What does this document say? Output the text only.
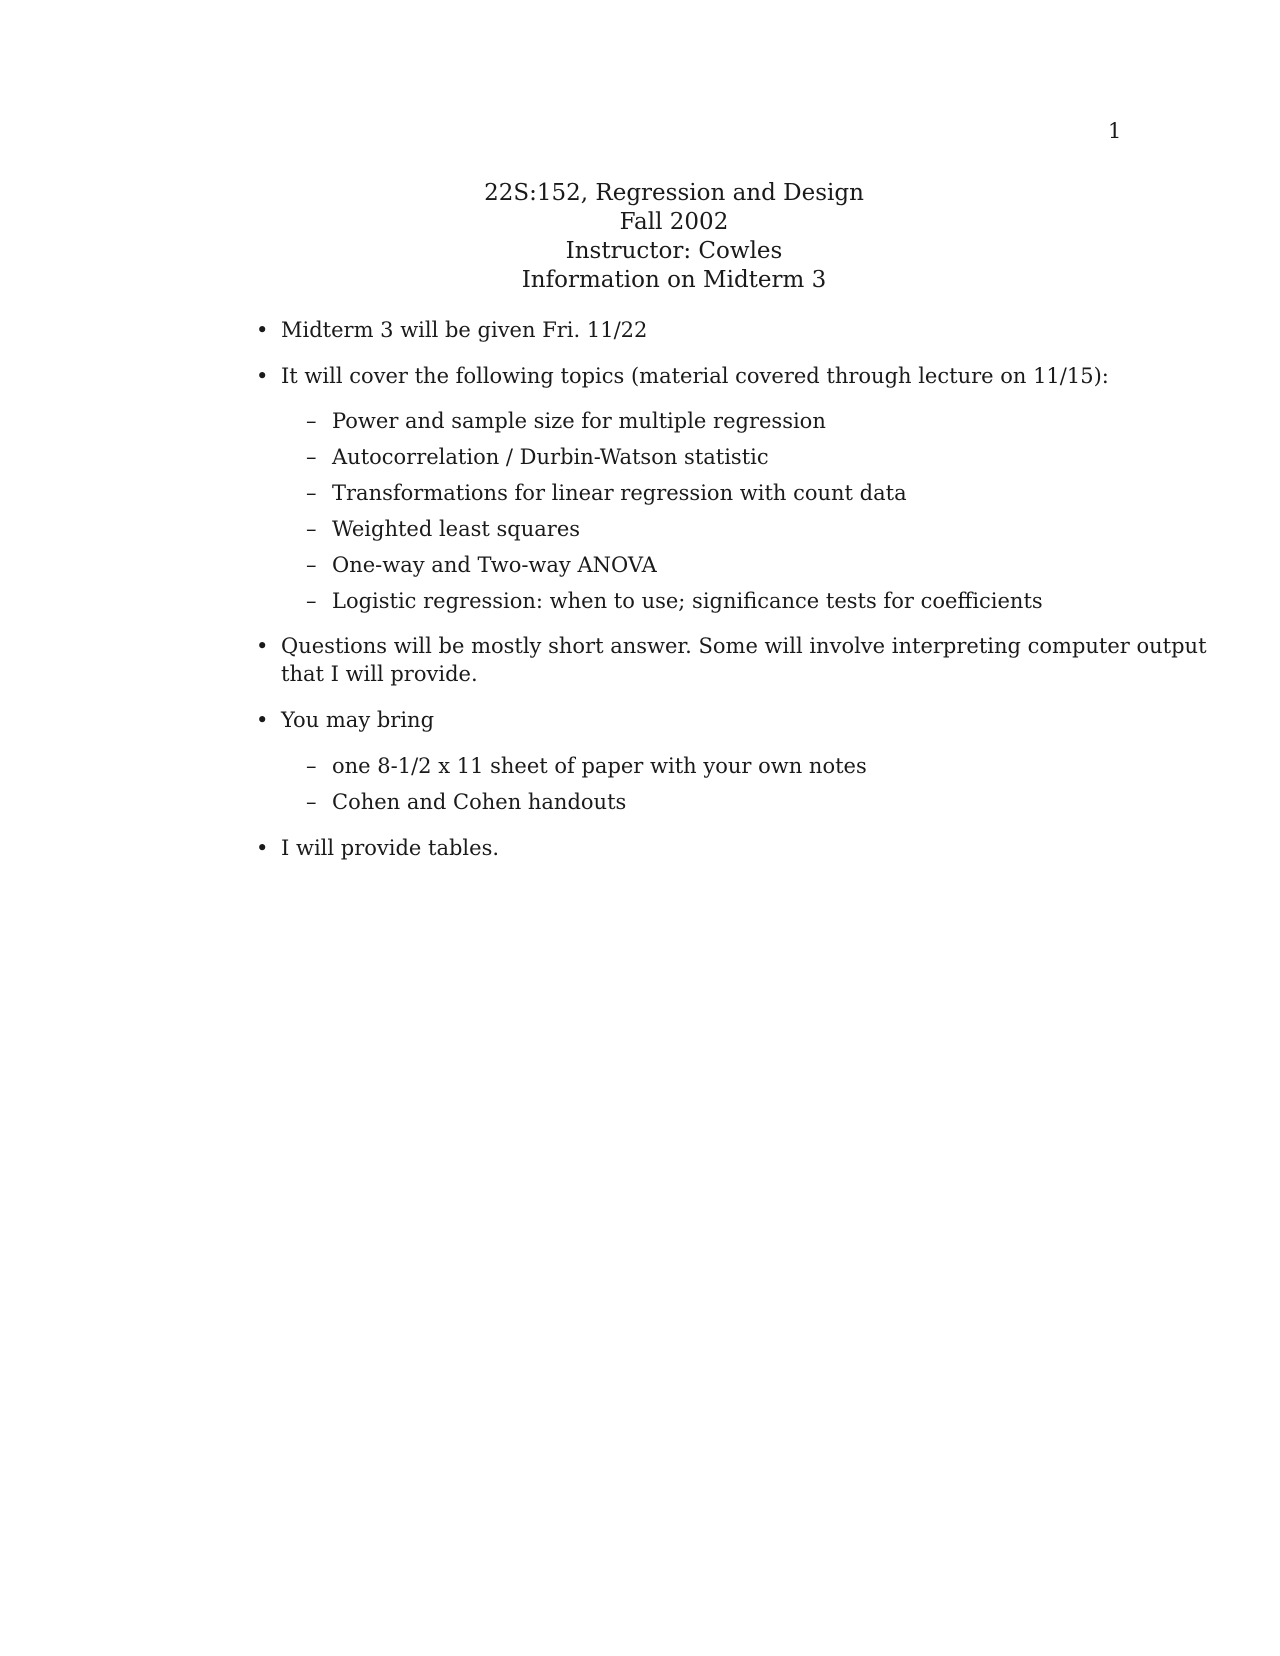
1
22S:152, Regression and Design
Fall 2002
Instructor: Cowles
Information on Midterm 3
• Midterm 3 will be given Fri. 11/22
• It will cover the following topics (material covered through lecture on 11/15):
– Power and sample size for multiple regression
– Autocorrelation / Durbin-Watson statistic
– Transformations for linear regression with count data
– Weighted least squares
– One-way and Two-way ANOVA
– Logistic regression: when to use; significance tests for coefficients
• Questions will be mostly short answer. Some will involve interpreting computer output
that I will provide.
• You may bring
– one 8-1/2 x 11 sheet of paper with your own notes
– Cohen and Cohen handouts
• I will provide tables.
